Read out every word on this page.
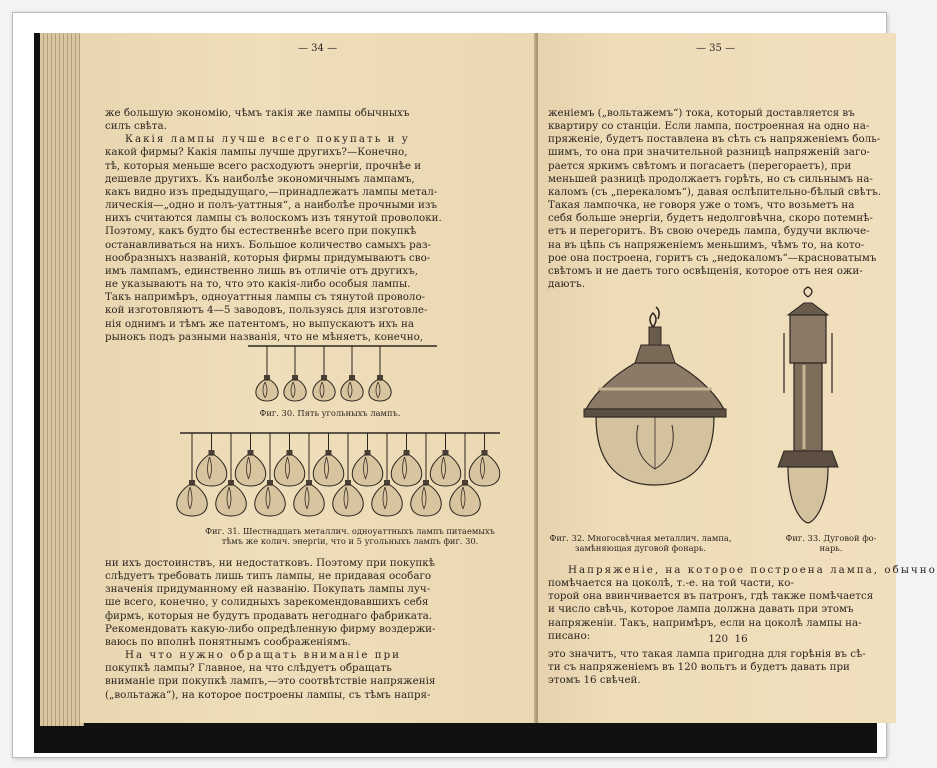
— 34 —
же большую экономію, чѣмъ такія же лампы обычныхъ
силъ свѣта.
Какія лампы лучше всего покупать и у
какой фирмы? Какія лампы лучше другихъ?—Конечно,
тѣ, которыя меньше всего расходуютъ энергіи, прочнѣе и
дешевле другихъ. Къ наиболѣе экономичнымъ лампамъ,
какъ видно изъ предыдущаго,—принадлежатъ лампы метал-
лическія—„одно и полъ-уаттныя“, а наиболѣе прочными изъ
нихъ считаются лампы съ волоскомъ изъ тянутой проволоки.
Поэтому, какъ будто бы естественнѣе всего при покупкѣ
останавливаться на нихъ. Большое количество самыхъ раз-
нообразныхъ названій, которыя фирмы придумываютъ сво-
имъ лампамъ, единственно лишь въ отличіе отъ другихъ,
не указываютъ на то, что это какія-либо особыя лампы.
Такъ напримѣръ, одноуаттныя лампы съ тянутой проволо-
кой изготовляютъ 4—5 заводовъ, пользуясь для изготовле-
нія однимъ и тѣмъ же патентомъ, но выпускаютъ ихъ на
рынокъ подъ разными названія, что не мѣняетъ, конечно,
Фиг. 30. Пять угольныхъ лампъ.
Фиг. 31. Шестнадцать металлич. одноуаттныхъ лампъ питаемыхъ
тѣмъ же колич. энергіи, что и 5 угольныхъ лампъ фиг. 30.
ни ихъ достоинствъ, ни недостатковъ. Поэтому при покупкѣ
слѣдуетъ требовать лишь типъ лампы, не придавая особаго
значенія придуманному ей названію. Покупать лампы луч-
ше всего, конечно, у солидныхъ зарекомендовавшихъ себя
фирмъ, которыя не будутъ продавать негоднаго фабриката.
Рекомендовать какую-либо опредѣленную фирму воздержи-
ваюсь по вполнѣ понятнымъ соображеніямъ.
На что нужно обращать вниманіе при
покупкѣ лампы? Главное, на что слѣдуетъ обращать
вниманіе при покупкѣ лампъ,—это соотвѣтствіе напряженія
(„вольтажа“), на которое построены лампы, съ тѣмъ напря-
— 35 —
женіемъ („вольтажемъ“) тока, который доставляется въ
квартиру со станціи. Если лампа, построенная на одно на-
пряженіе, будетъ поставлена въ сѣть съ напряженіемъ боль-
шимъ, то она при значительной разницѣ напряженій заго-
рается яркимъ свѣтомъ и погасаетъ (перегораетъ), при
меньшей разницѣ продолжаетъ горѣть, но съ сильнымъ на-
каломъ (съ „перекаломъ“), давая ослѣпительно-бѣлый свѣтъ.
Такая лампочка, не говоря уже о томъ, что возьметъ на
себя больше энергіи, будетъ недолговѣчна, скоро потемнѣ-
етъ и перегоритъ. Въ свою очередь лампа, будучи включе-
на въ цѣпь съ напряженіемъ меньшимъ, чѣмъ то, на кото-
рое она построена, горитъ съ „недокаломъ“—красноватымъ
свѣтомъ и не даетъ того освѣщенія, которое отъ нея ожи-
даютъ.
Фиг. 32. Многосвѣчная металлич. лампа,
замѣняющая дуговой фонарь.
Фиг. 33. Дуговой фо-
нарь.
Напряженіе, на которое построена лампа, обычно
помѣчается на цоколѣ, т.-е. на той части, ко-
торой она ввинчивается въ патронъ, гдѣ также помѣчается
и число свѣчь, которое лампа должна давать при этомъ
напряженіи. Такъ, напримѣръ, если на цоколѣ лампы на-
писано:	120  16
это значитъ, что такая лампа пригодна для горѣнія въ сѣ-
ти съ напряженіемъ въ 120 вольтъ и будетъ давать при
этомъ 16 свѣчей.
